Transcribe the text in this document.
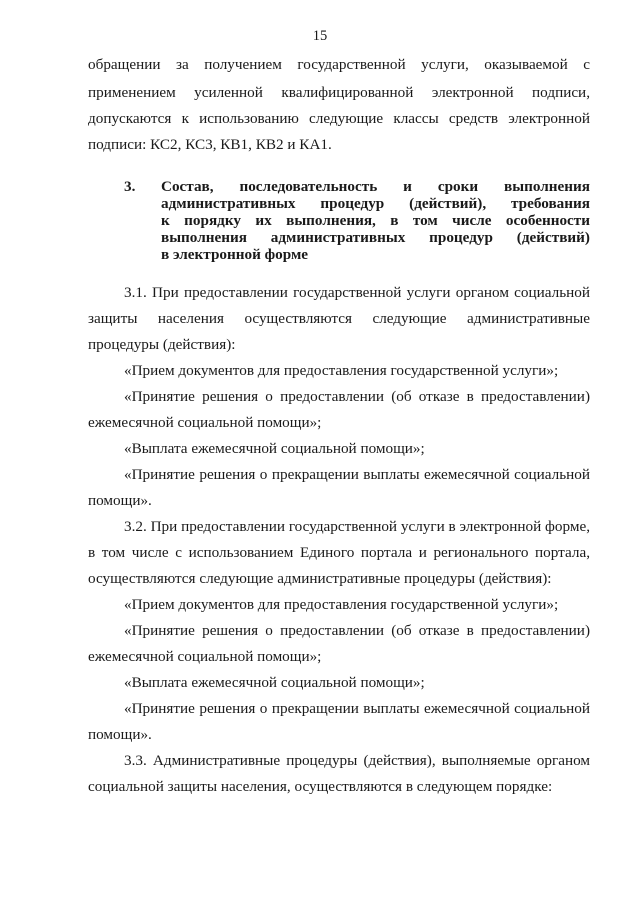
15
обращении за получением государственной услуги, оказываемой с
применением усиленной квалифицированной электронной подписи,
допускаются к использованию следующие классы средств электронной
подписи: КС2, КС3, КВ1, КВ2 и КА1.
3. Состав, последовательность и сроки выполнения
административных процедур (действий), требования
к порядку их выполнения, в том числе особенности
выполнения административных процедур (действий)
в электронной форме
3.1. При предоставлении государственной услуги органом социальной
защиты населения осуществляются следующие административные
процедуры (действия):
«Прием документов для предоставления государственной услуги»;
«Принятие решения о предоставлении (об отказе в предоставлении)
ежемесячной социальной помощи»;
«Выплата ежемесячной социальной помощи»;
«Принятие решения о прекращении выплаты ежемесячной социальной
помощи».
3.2. При предоставлении государственной услуги в электронной форме,
в том числе с использованием Единого портала и регионального портала,
осуществляются следующие административные процедуры (действия):
«Прием документов для предоставления государственной услуги»;
«Принятие решения о предоставлении (об отказе в предоставлении)
ежемесячной социальной помощи»;
«Выплата ежемесячной социальной помощи»;
«Принятие решения о прекращении выплаты ежемесячной социальной
помощи».
3.3. Административные процедуры (действия), выполняемые органом
социальной защиты населения, осуществляются в следующем порядке:
